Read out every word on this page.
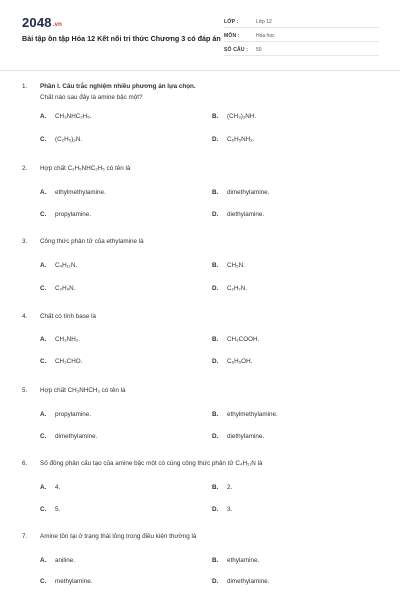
2048.vn
Bài tập ôn tập Hóa 12 Kết nối tri thức Chương 3 có đáp án
LỚP :	Lớp 12
MÔN :	Hóa học
SỐ CÂU : 50
1. Phần I. Câu trắc nghiệm nhiều phương án lựa chọn.
Chất nào sau đây là amine bậc một?
A. CH₃NHC₂H₅.	B. (CH₃)₂NH.
C. (C₂H₅)₃N.	D. C₆H₅NH₂.
2. Hợp chất C₂H₅NHC₂H₅ có tên là
A. ethylmethylamine.	B. dimethylamine.
C. propylamine.	D. diethylamine.
3. Công thức phân tử của ethylamine là
A. C₄H₁₁N.	B. CH₅N.
C. C₃H₉N.	D. C₂H₇N.
4. Chất có tính base là
A. CH₃NH₂.	B. CH₃COOH.
C. CH₃CHO.	D. C₆H₅OH.
5. Hợp chất CH₃NHCH₃ có tên là
A. propylamine.	B. ethylmethylamine.
C. dimethylamine.	D. diethylamine.
6. Số đồng phân cấu tạo của amine bậc một có cùng công thức phân tử C₄H₁₁N là
A. 4.	B. 2.
C. 5.	D. 3.
7. Amine tồn tại ở trạng thái lỏng trong điều kiện thường là
A. aniline.	B. ethylamine.
C. methylamine.	D. dimethylamine.
